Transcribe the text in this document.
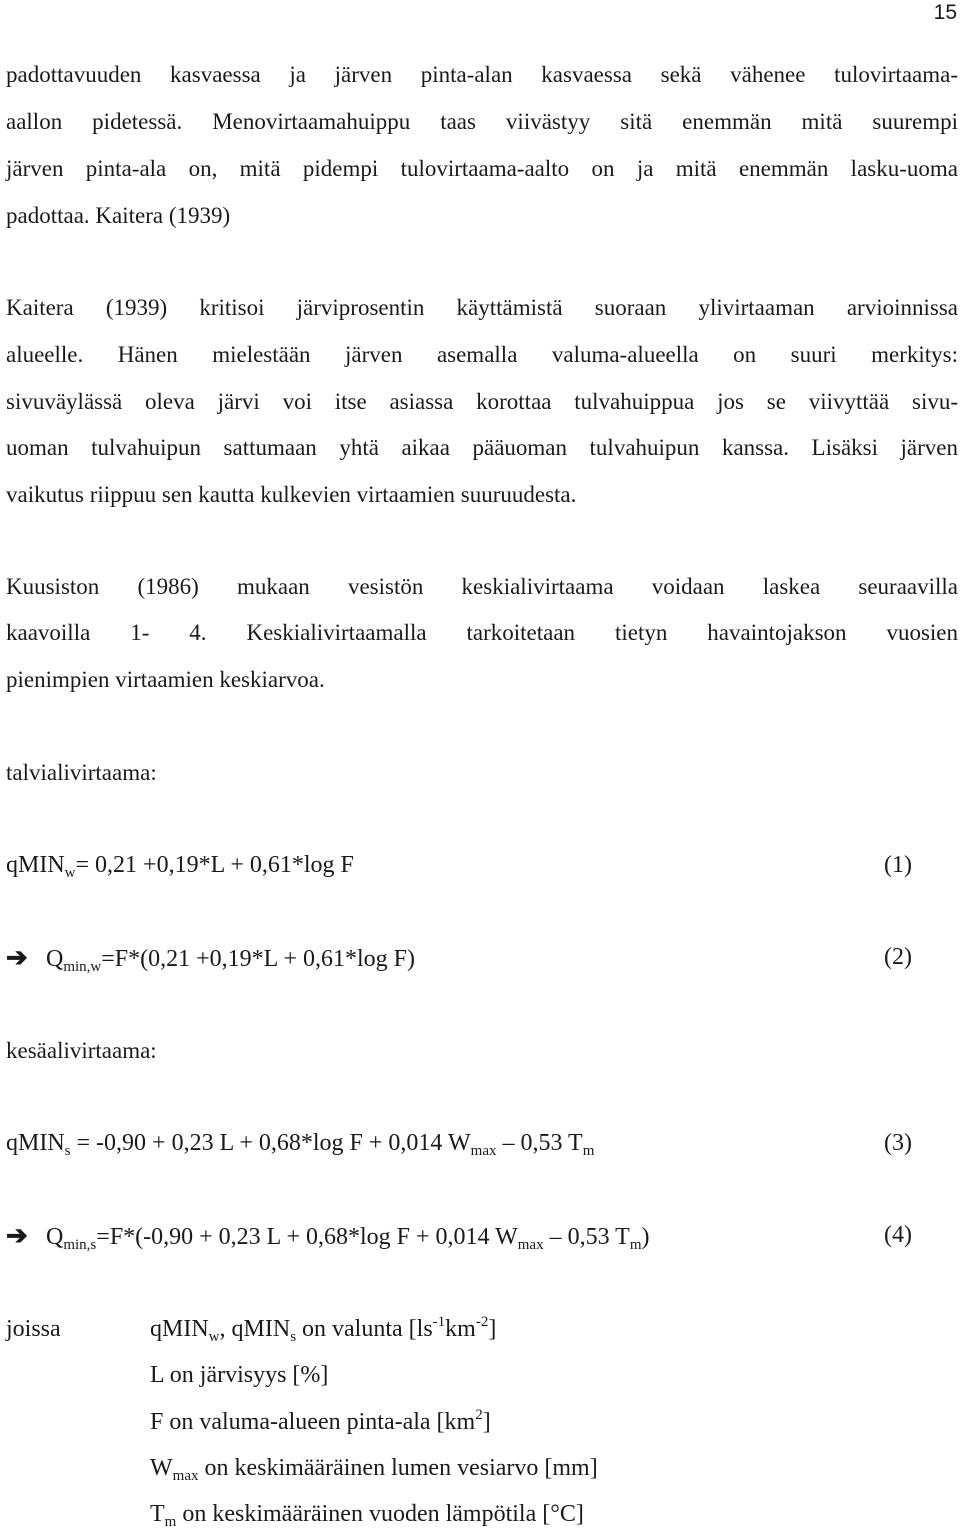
15
padottavuuden kasvaessa ja järven pinta-alan kasvaessa sekä vähenee tulovirtaama-
aallon pidetessä. Menovirtaamahuippu taas viivästyy sitä enemmän mitä suurempi
järven pinta-ala on, mitä pidempi tulovirtaama-aalto on ja mitä enemmän lasku-uoma
padottaa. Kaitera (1939)
Kaitera (1939) kritisoi järviprosentin käyttämistä suoraan ylivirtaaman arvioinnissa
alueelle. Hänen mielestään järven asemalla valuma-alueella on suuri merkitys:
sivuväylässä oleva järvi voi itse asiassa korottaa tulvahuippua jos se viivyttää sivu-
uoman tulvahuipun sattumaan yhtä aikaa pääuoman tulvahuipun kanssa. Lisäksi järven
vaikutus riippuu sen kautta kulkevien virtaamien suuruudesta.
Kuusiston (1986) mukaan vesistön keskialivirtaama voidaan laskea seuraavilla
kaavoilla 1- 4. Keskialivirtaamalla tarkoitetaan tietyn havaintojakson vuosien
pienimpien virtaamien keskiarvoa.
talvialivirtaama:
qMIN$_w$= 0,21 +0,19*L + 0,61*log F	(1)
➔ $Q_{min,w}=F*(0,21 +0,19*L + 0,61*\log$ F)	(2)
kesäalivirtaama:
qMIN$_s$ = -0,90 + 0,23 L + 0,68*log F + 0,014 $W_{max} - 0,53$ $T_m$	(3)
➔ $Q_{min,s}=F*(-0,90 + 0,23$ L + 0,68*log F + 0,014 $W_{max} - 0,53$ $T_m$)	(4)
joissa	qMIN$_w$, qMIN$_s$ on valunta $[ls^{-1}km^{-2}]$
L on järvisyys [%]
F on valuma-alueen pinta-ala $[km^2]$
$W_{max}$ on keskimääräinen lumen vesiarvo [mm]
$T_m$ on keskimääräinen vuoden lämpötila [°C]
